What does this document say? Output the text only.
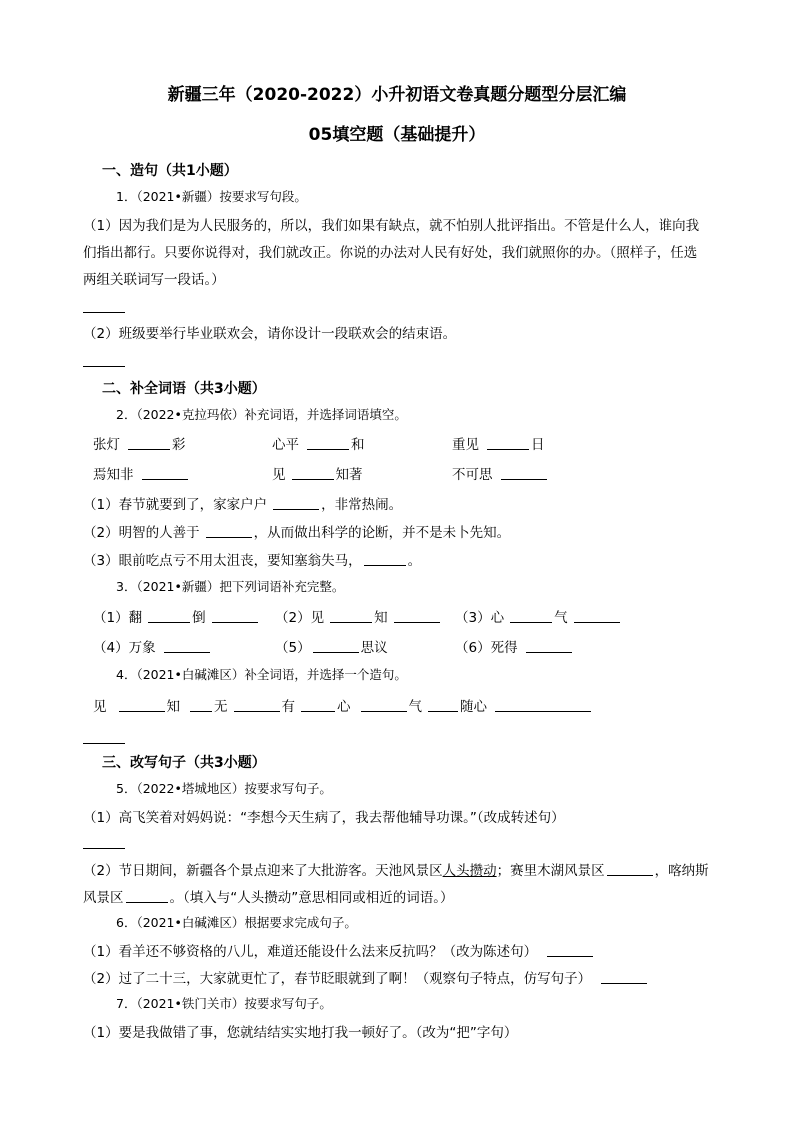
新疆三年（2020-2022）小升初语文卷真题分题型分层汇编
05填空题（基础提升）
一、造句（共1小题）
1．（2021•新疆）按要求写句段。
（1）因为我们是为人民服务的，所以，我们如果有缺点，就不怕别人批评指出。不管是什么人，谁向我
们指出都行。只要你说得对，我们就改正。你说的办法对人民有好处，我们就照你的办。（照样子，任选
两组关联词写一段话。）
（2）班级要举行毕业联欢会，请你设计一段联欢会的结束语。
二、补全词语（共3小题）
2．（2022•克拉玛依）补充词语，并选择词语填空。
张灯	彩	心平	和	重见	日
焉知非	见	知著	不可思
（1）春节就要到了，家家户户	，非常热闹。
（2）明智的人善于	，从而做出科学的论断，并不是未卜先知。
（3）眼前吃点亏不用太沮丧，要知塞翁失马，	。
3．（2021•新疆）把下列词语补充完整。
（1）翻	倒	（2）见	知	（3）心	气
（4）万象	（5）	思议	（6）死得
4．（2021•白碱滩区）补全词语，并选择一个造句。
见	知	无	有	心	气	随心
三、改写句子（共3小题）
5．（2022•塔城地区）按要求写句子。
（1）高飞笑着对妈妈说：“李想今天生病了，我去帮他辅导功课。”（改成转述句）
（2）节日期间，新疆各个景点迎来了大批游客。天池风景区人头攒动；赛里木湖风景区	，喀纳斯
风景区	。（填入与“人头攒动”意思相同或相近的词语。）
6．（2021•白碱滩区）根据要求完成句子。
（1）看羊还不够资格的八儿，难道还能设什么法来反抗吗？（改为陈述句）
（2）过了二十三，大家就更忙了，春节眨眼就到了啊！（观察句子特点，仿写句子）
7．（2021•铁门关市）按要求写句子。
（1）要是我做错了事，您就结结实实地打我一顿好了。（改为“把”字句）
